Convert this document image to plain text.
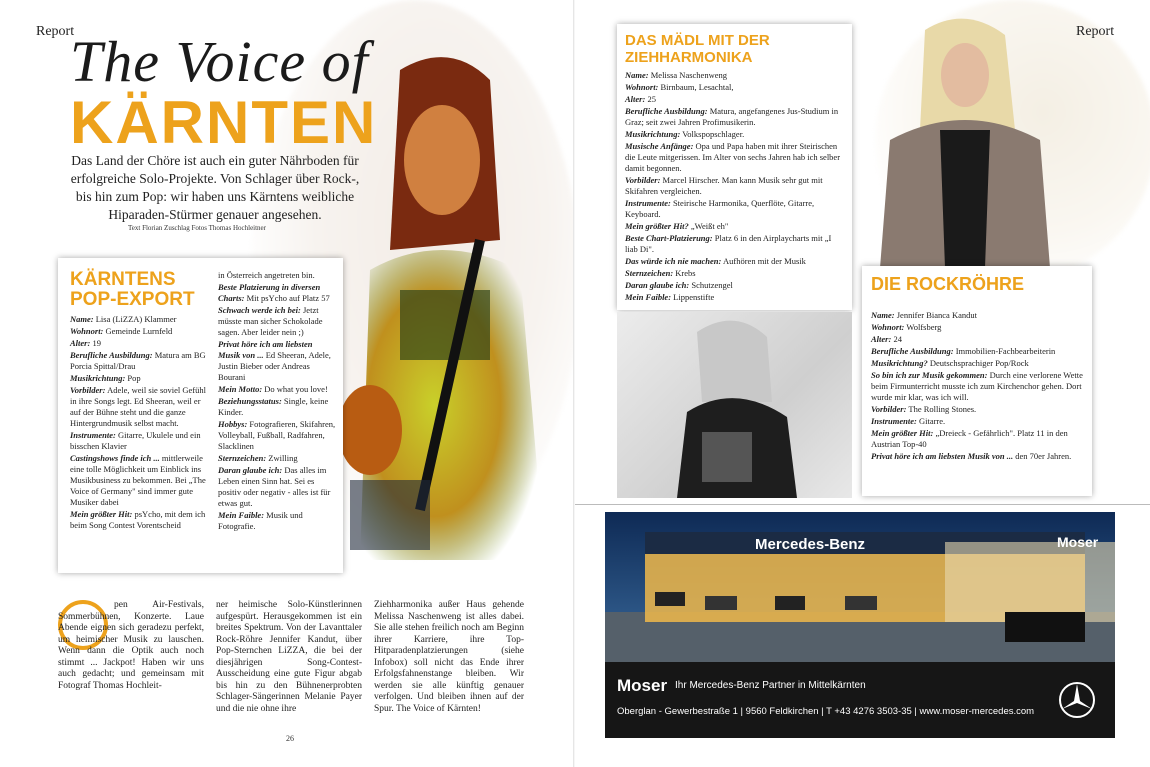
Report
The Voice of
KÄRNTEN
Das Land der Chöre ist auch ein guter Nährboden für erfolgreiche Solo-Projekte. Von Schlager über Rock-, bis hin zum Pop: wir haben uns Kärntens weibliche Hiparaden-Stürmer genauer angesehen.
Text Florian Zuschlag Fotos Thomas Hochleitner
KÄRNTENS
POP-EXPORT
Name: Lisa (LiZZA) Klammer
Wohnort: Gemeinde Lurnfeld
Alter: 19
Berufliche Ausbildung: Matura am BG Porcia Spittal/Drau
Musikrichtung: Pop
Vorbilder: Adele, weil sie soviel Gefühl in ihre Songs legt. Ed Sheeran, weil er auf der Bühne steht und die ganze Hintergrundmusik selbst macht.
Instrumente: Gitarre, Ukulele und ein bisschen Klavier
Castingshows finde ich ... mittlerweile eine tolle Möglichkeit um Einblick ins Musikbusiness zu bekommen. Bei „The Voice of Germany" sind immer gute Musiker dabei
Mein größter Hit: psYcho, mit dem ich beim Song Contest Vorentscheid
in Österreich angetreten bin.
Beste Platzierung in diversen Charts: Mit psYcho auf Platz 57
Schwach werde ich bei: Jetzt müsste man sicher Schokolade sagen. Aber leider nein ;)
Privat höre ich am liebsten Musik von ... Ed Sheeran, Adele, Justin Bieber oder Andreas Bourani
Mein Motto: Do what you love!
Beziehungsstatus: Single, keine Kinder.
Hobbys: Fotografieren, Skifahren, Volleyball, Fußball, Radfahren, Slacklinen
Sternzeichen: Zwilling
Daran glaube ich: Das alles im Leben einen Sinn hat. Sei es positiv oder negativ - alles ist für etwas gut.
Mein Faible: Musik und Fotografie.
pen Air-Festivals, Sommerbühnen, Konzerte. Laue Abende eignen sich geradezu perfekt, um heimischer Musik zu lauschen. Wenn dann die Optik auch noch stimmt ... Jackpot! Haben wir uns auch gedacht; und gemeinsam mit Fotograf Thomas Hochleit-
ner heimische Solo-Künstlerinnen aufgespürt. Herausgekommen ist ein breites Spektrum. Von der Lavanttaler Rock-Röhre Jennifer Kandut, über Pop-Sternchen LiZZA, die bei der diesjährigen Song-Contest-Ausscheidung eine gute Figur abgab bis hin zu den Bühnenerprobten Schlager-Sängerinnen Melanie Payer und die nie ohne ihre
Ziehharmonika außer Haus gehende Melissa Naschenweng ist alles dabei. Sie alle stehen freilich noch am Beginn ihrer Karriere, ihre Top-Hitparadenplatzierungen (siehe Infobox) soll nicht das Ende ihrer Erfolgsfahnenstange bleiben. Wir werden sie alle künftig genauer verfolgen. Und bleiben ihnen auf der Spur. The Voice of Kärnten!
26
Report
DAS MÄDL MIT DER
ZIEHHARMONIKA
Name: Melissa Naschenweng
Wohnort: Birnbaum, Lesachtal,
Alter: 25
Berufliche Ausbildung: Matura, angefangenes Jus-Studium in Graz; seit zwei Jahren Profimusikerin.
Musikrichtung: Volkspopschlager.
Musische Anfänge: Opa und Papa haben mit ihrer Steirischen die Leute mitgerissen. Im Alter von sechs Jahren hab ich selber damit begonnen.
Vorbilder: Marcel Hirscher. Man kann Musik sehr gut mit Skifahren vergleichen.
Instrumente: Steirische Harmonika, Querflöte, Gitarre, Keyboard.
Mein größter Hit? „Weißt eh"
Beste Chart-Platzierung: Platz 6 in den Airplaycharts mit „I liab Di".
Das würde ich nie machen: Aufhören mit der Musik
Sternzeichen: Krebs
Daran glaube ich: Schutzengel
Mein Faible: Lippenstifte
DIE ROCKRÖHRE
Name: Jennifer Bianca Kandut
Wohnort: Wolfsberg
Alter: 24
Berufliche Ausbildung: Immobilien-Fachbearbeiterin
Musikrichtung? Deutschsprachiger Pop/Rock
So bin ich zur Musik gekommen: Durch eine verlorene Wette beim Firmunterricht musste ich zum Kirchenchor gehen. Dort wurde mir klar, was ich will.
Vorbilder: The Rolling Stones.
Instrumente: Gitarre.
Mein größter Hit: „Dreieck - Gefährlich". Platz 11 in den Austrian Top-40
Privat höre ich am liebsten Musik von ... den 70er Jahren.
Mercedes-Benz	Moser
Moser Ihr Mercedes-Benz Partner in Mittelkärnten
Oberglan - Gewerbestraße 1 | 9560 Feldkirchen | T +43 4276 3503-35 | www.moser-mercedes.com
